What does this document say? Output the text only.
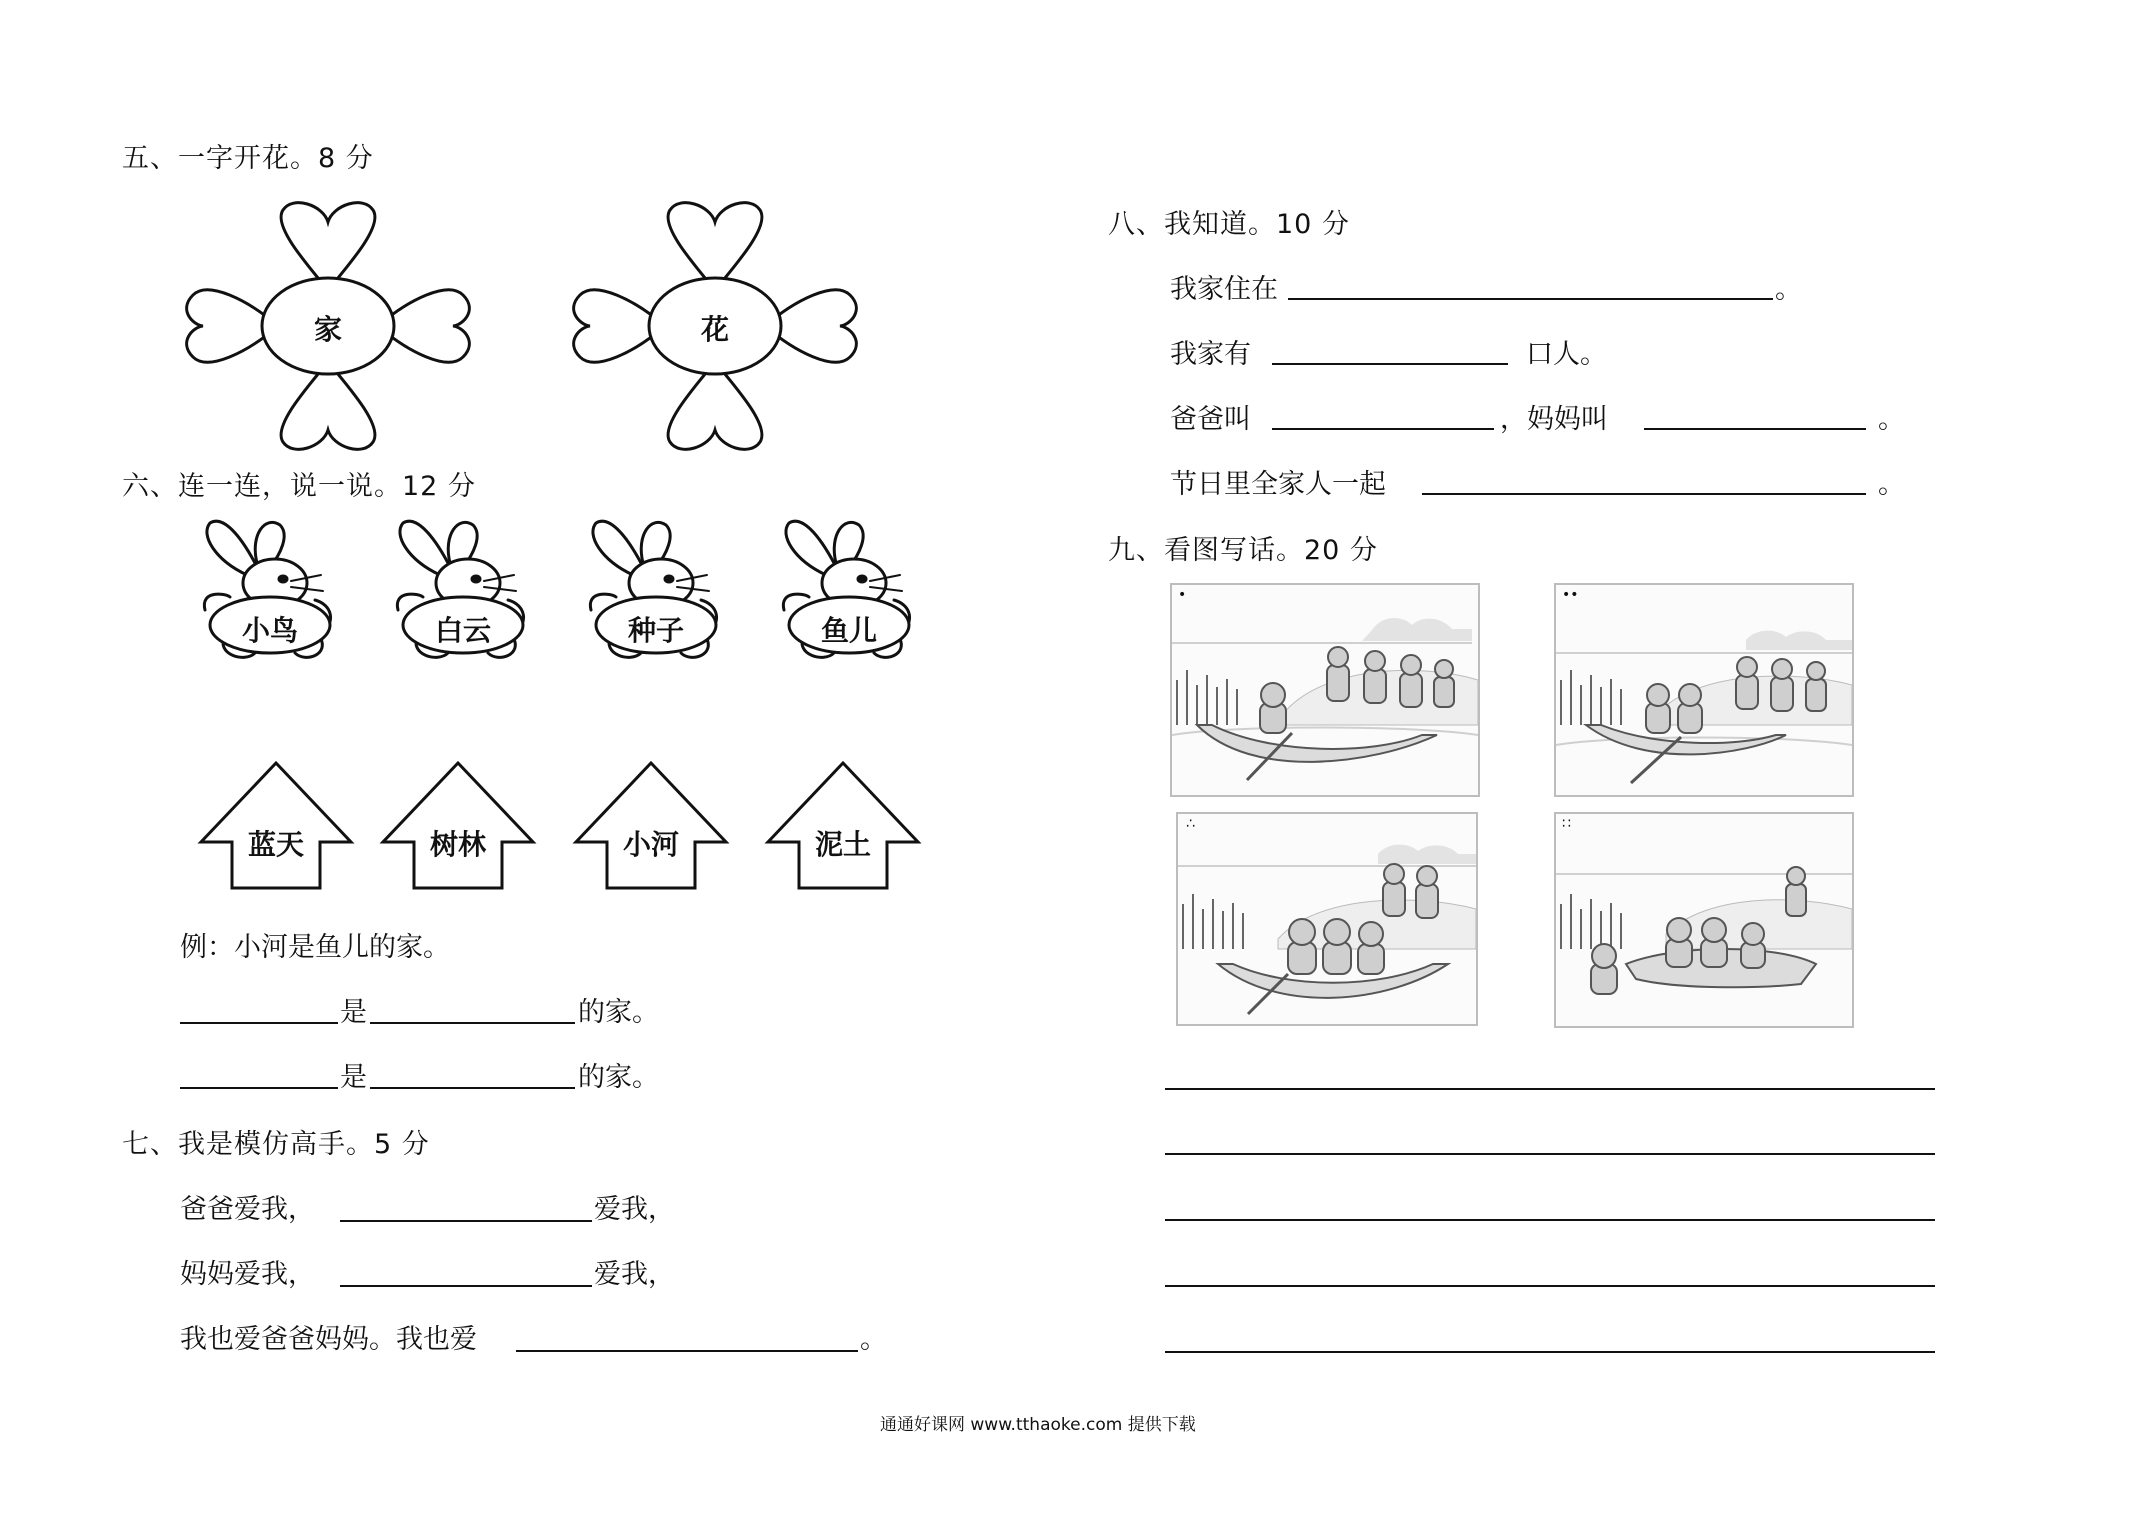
五、一字开花。8 分
家	花
六、连一连，说一说。12 分
小鸟	白云	种子	鱼儿
蓝天	树林	小河	泥土
例：小河是鱼儿的家。
是	的家。
是	的家。
七、我是模仿高手。5 分
爸爸爱我，	爱我，
妈妈爱我，	爱我，
我也爱爸爸妈妈。我也爱	。
八、我知道。10 分
我家住在	。
我家有	口人。
爸爸叫	，妈妈叫	。
节日里全家人一起	。
九、看图写话。20 分
•	••
∴	∷
通通好课网 www.tthaoke.com 提供下载
